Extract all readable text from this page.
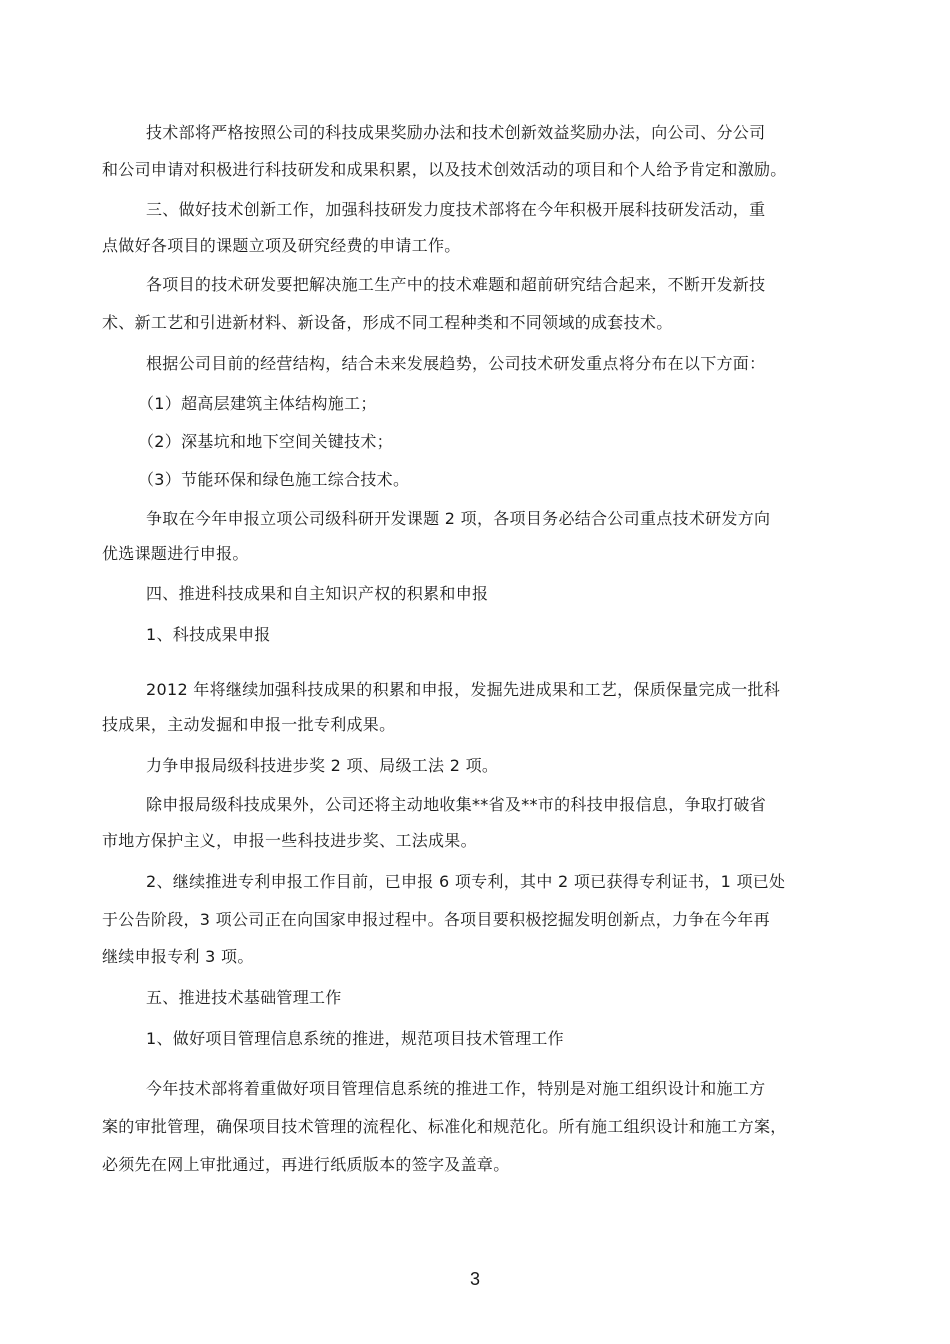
技术部将严格按照公司的科技成果奖励办法和技术创新效益奖励办法，向公司、分公司
和公司申请对积极进行科技研发和成果积累，以及技术创效活动的项目和个人给予肯定和激励。
三、做好技术创新工作，加强科技研发力度技术部将在今年积极开展科技研发活动，重
点做好各项目的课题立项及研究经费的申请工作。
各项目的技术研发要把解决施工生产中的技术难题和超前研究结合起来，不断开发新技
术、新工艺和引进新材料、新设备，形成不同工程种类和不同领域的成套技术。
根据公司目前的经营结构，结合未来发展趋势，公司技术研发重点将分布在以下方面：
（1）超高层建筑主体结构施工；
（2）深基坑和地下空间关键技术；
（3）节能环保和绿色施工综合技术。
争取在今年申报立项公司级科研开发课题 2 项，各项目务必结合公司重点技术研发方向
优选课题进行申报。
四、推进科技成果和自主知识产权的积累和申报
1、科技成果申报
2012 年将继续加强科技成果的积累和申报，发掘先进成果和工艺，保质保量完成一批科
技成果，主动发掘和申报一批专利成果。
力争申报局级科技进步奖 2 项、局级工法 2 项。
除申报局级科技成果外，公司还将主动地收集**省及**市的科技申报信息，争取打破省
市地方保护主义，申报一些科技进步奖、工法成果。
2、继续推进专利申报工作目前，已申报 6 项专利，其中 2 项已获得专利证书，1 项已处
于公告阶段，3 项公司正在向国家申报过程中。各项目要积极挖掘发明创新点，力争在今年再
继续申报专利 3 项。
五、推进技术基础管理工作
1、做好项目管理信息系统的推进，规范项目技术管理工作
今年技术部将着重做好项目管理信息系统的推进工作，特别是对施工组织设计和施工方
案的审批管理，确保项目技术管理的流程化、标准化和规范化。所有施工组织设计和施工方案，
必须先在网上审批通过，再进行纸质版本的签字及盖章。
3
